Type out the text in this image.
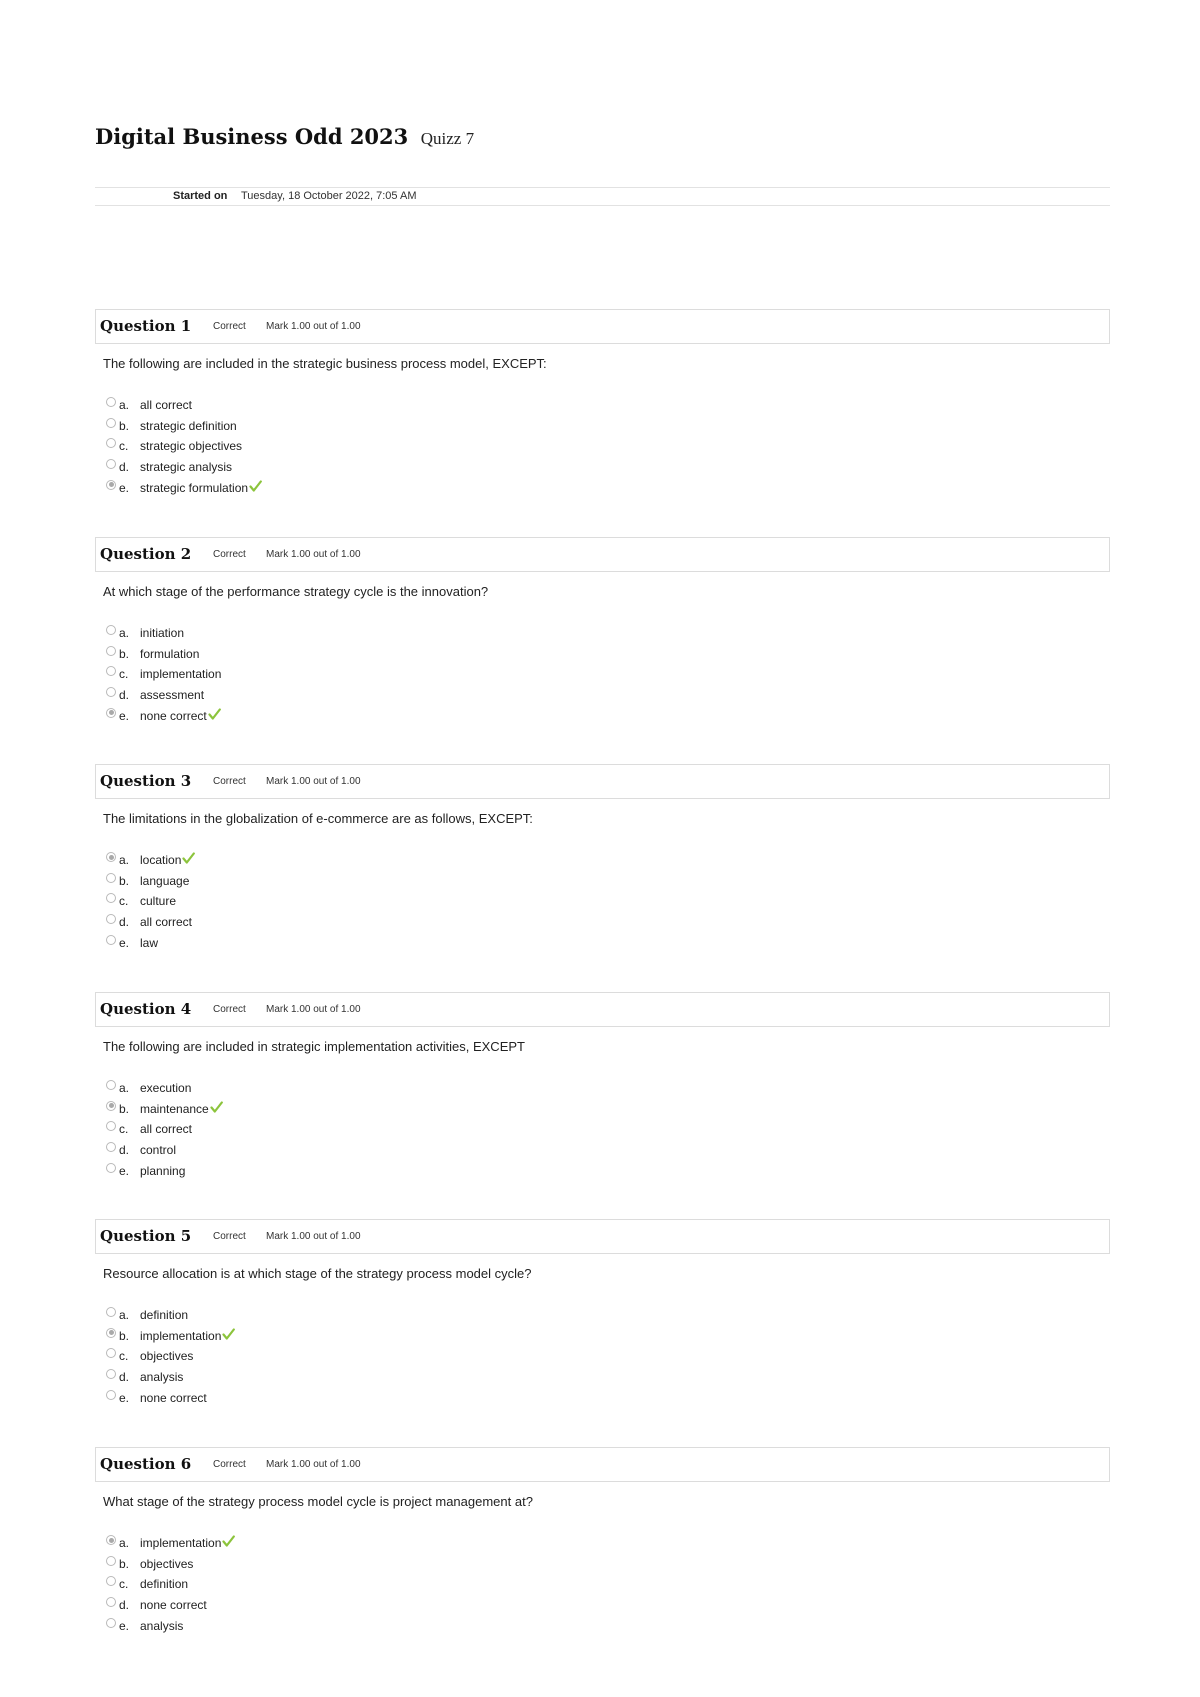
Digital Business Odd 2023 Quizz 7
Started on Tuesday, 18 October 2022, 7:05 AM
Question 1 Correct Mark 1.00 out of 1.00
The following are included in the strategic business process model, EXCEPT:
a. all correct
b. strategic definition
c. strategic objectives
d. strategic analysis
e. strategic formulation
Question 2 Correct Mark 1.00 out of 1.00
At which stage of the performance strategy cycle is the innovation?
a. initiation
b. formulation
c. implementation
d. assessment
e. none correct
Question 3 Correct Mark 1.00 out of 1.00
The limitations in the globalization of e-commerce are as follows, EXCEPT:
a. location
b. language
c. culture
d. all correct
e. law
Question 4 Correct Mark 1.00 out of 1.00
The following are included in strategic implementation activities, EXCEPT
a. execution
b. maintenance
c. all correct
d. control
e. planning
Question 5 Correct Mark 1.00 out of 1.00
Resource allocation is at which stage of the strategy process model cycle?
a. definition
b. implementation
c. objectives
d. analysis
e. none correct
Question 6 Correct Mark 1.00 out of 1.00
What stage of the strategy process model cycle is project management at?
a. implementation
b. objectives
c. definition
d. none correct
e. analysis
